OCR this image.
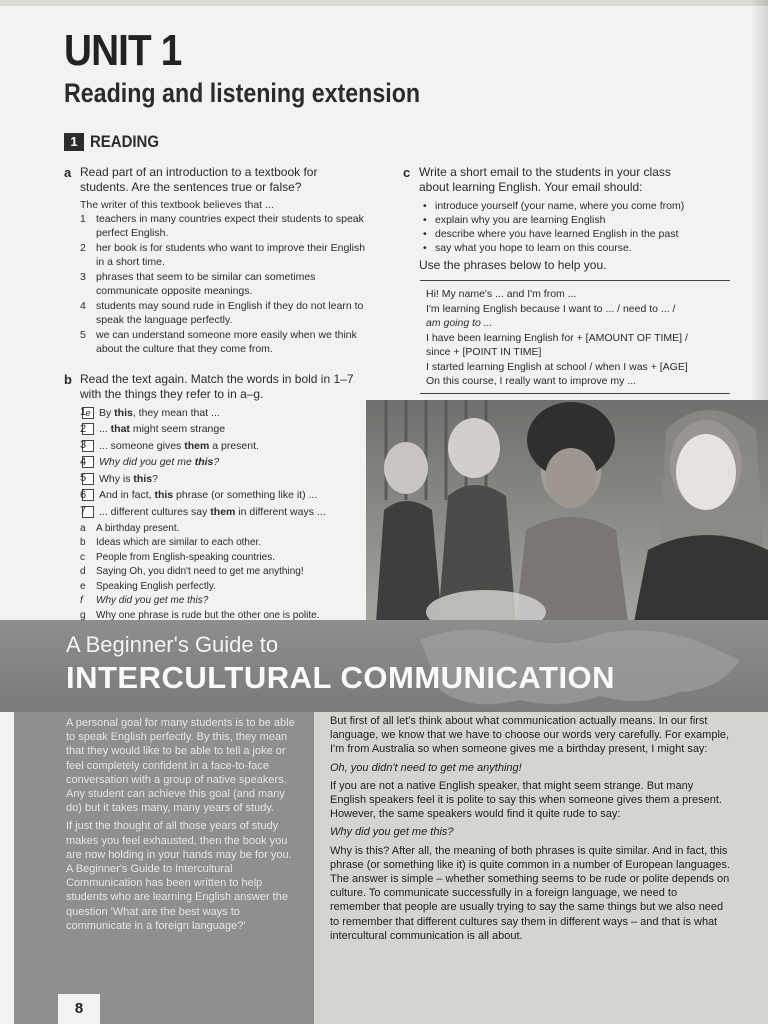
UNIT 1
Reading and listening extension
1 READING
a Read part of an introduction to a textbook for
students. Are the sentences true or false?
The writer of this textbook believes that ...
1 teachers in many countries expect their students to speak
perfect English.
2 her book is for students who want to improve their English
in a short time.
3 phrases that seem to be similar can sometimes
communicate opposite meanings.
4 students may sound rude in English if they do not learn to
speak the language perfectly.
5 we can understand someone more easily when we think
about the culture that they come from.
b Read the text again. Match the words in bold in 1–7
with the things they refer to in a–g.
1 e By this, they mean that ...
2	... that might seem strange
3	... someone gives them a present.
4	Why did you get me this?
5	Why is this?
6	And in fact, this phrase (or something like it) ...
7	... different cultures say them in different ways ...
a A birthday present.
b Ideas which are similar to each other.
c People from English-speaking countries.
d Saying Oh, you didn't need to get me anything!
e Speaking English perfectly.
f Why did you get me this?
g Why one phrase is rude but the other one is polite.
c Write a short email to the students in your class
about learning English. Your email should:
• introduce yourself (your name, where you come from)
• explain why you are learning English
• describe where you have learned English in the past
• say what you hope to learn on this course.
Use the phrases below to help you.
Hi! My name's ... and I'm from ...
I'm learning English because I want to ... / need to ... /
am going to ...
I have been learning English for + [AMOUNT OF TIME] /
since + [POINT IN TIME]
I started learning English at school / when I was + [AGE]
On this course, I really want to improve my ...
A Beginner's Guide to
INTERCULTURAL COMMUNICATION

A personal goal for many students is to be able to speak English perfectly. By this, they mean that they would like to be able to tell a joke or feel completely confident in a face-to-face conversation with a group of native speakers. Any student can achieve this goal (and many do) but it takes many, many years of study.

If just the thought of all those years of study makes you feel exhausted, then the book you are now holding in your hands may be for you. A Beginner's Guide to Intercultural Communication has been written to help students who are learning English answer the question 'What are the best ways to communicate in a foreign language?'

But first of all let's think about what communication actually means. In our first language, we know that we have to choose our words very carefully. For example, I'm from Australia so when someone gives me a birthday present, I might say:

Oh, you didn't need to get me anything!

If you are not a native English speaker, that might seem strange. But many English speakers feel it is polite to say this when someone gives them a present. However, the same speakers would find it quite rude to say:

Why did you get me this?

Why is this? After all, the meaning of both phrases is quite similar. And in fact, this phrase (or something like it) is quite common in a number of European languages. The answer is simple – whether something seems to be rude or polite depends on culture. To communicate successfully in a foreign language, we need to remember that people are usually trying to say the same things but we also need to remember that different cultures say them in different ways – and that is what intercultural communication is all about.

8
